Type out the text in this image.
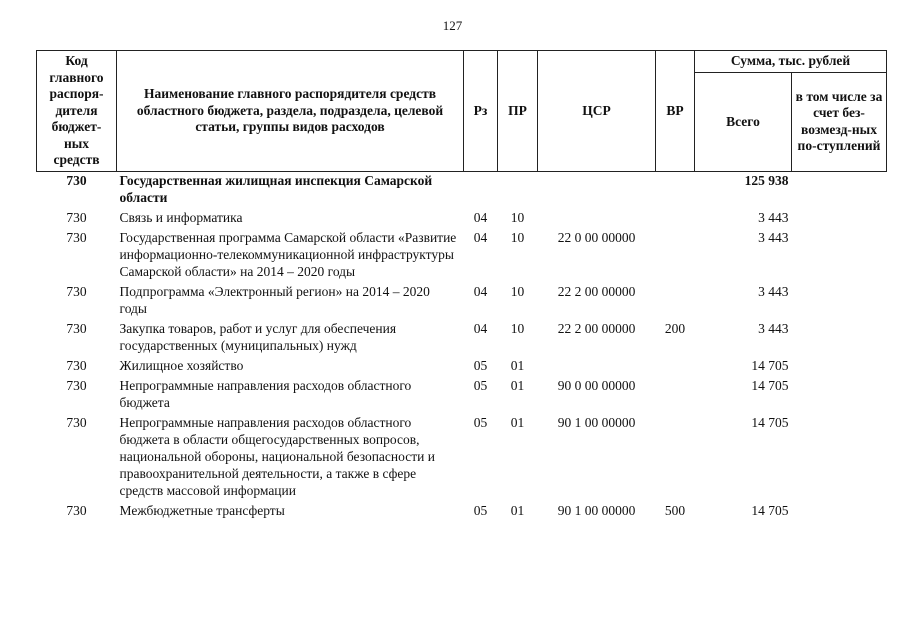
127
Код главного распоря-дителя бюджет-ных средств	Наименование главного распорядителя средств областного бюджета, раздела, подраздела, целевой статьи, группы видов расходов	Рз	ПР	ЦСР	ВР	Сумма, тыс. рублей	
						Всего	в том числе за счет без-возмезд-ных по-ступлений
730	Государственная жилищная инспекция Самарской области					125 938	
730	Связь и информатика	04	10			3 443	
730	Государственная программа Самарской области «Развитие информационно-телекоммуникационной инфраструктуры Самарской области» на 2014 – 2020 годы	04	10	22 0 00 00000		3 443	
730	Подпрограмма «Электронный регион» на 2014 – 2020 годы	04	10	22 2 00 00000		3 443	
730	Закупка товаров, работ и услуг для обеспечения государственных (муниципальных) нужд	04	10	22 2 00 00000	200	3 443	
730	Жилищное хозяйство	05	01			14 705	
730	Непрограммные направления расходов областного бюджета	05	01	90 0 00 00000		14 705	
730	Непрограммные направления расходов областного бюджета в области общегосударственных вопросов, национальной обороны, национальной безопасности и правоохранительной деятельности, а также в сфере средств массовой информации	05	01	90 1 00 00000		14 705	
730	Межбюджетные трансферты	05	01	90 1 00 00000	500	14 705	
